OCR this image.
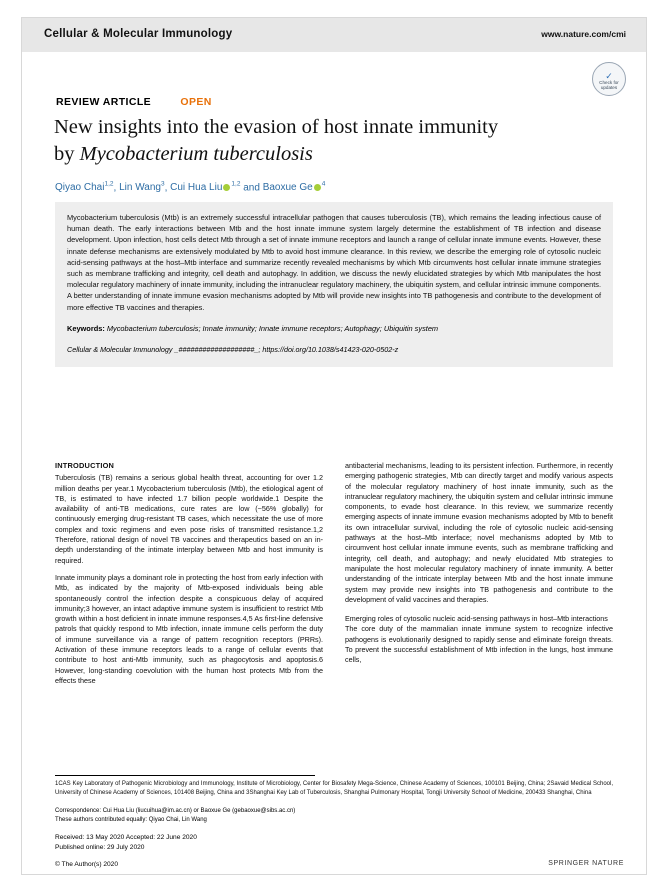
Cellular & Molecular Immunology	www.nature.com/cmi
✓
Check for updates
REVIEW ARTICLE	OPEN
New insights into the evasion of host innate immunity
by Mycobacterium tuberculosis
Qiyao Chai$^{1,2}$, Lin Wang$^3$, Cui Hua Liu $^{1,2}$ and Baoxue Ge $^4$
Mycobacterium tuberculosis (Mtb) is an extremely successful intracellular pathogen that causes tuberculosis (TB), which remains the leading infectious cause of human death. The early interactions between Mtb and the host innate immune system largely determine the establishment of TB infection and disease development. Upon infection, host cells detect Mtb through a set of innate immune receptors and launch a range of cellular innate immune events. However, these innate defense mechanisms are extensively modulated by Mtb to avoid host immune clearance. In this review, we describe the emerging role of cytosolic nucleic acid-sensing pathways at the host–Mtb interface and summarize recently revealed mechanisms by which Mtb circumvents host cellular innate immune strategies such as membrane trafficking and integrity, cell death and autophagy. In addition, we discuss the newly elucidated strategies by which Mtb manipulates the host molecular regulatory machinery of innate immunity, including the intranuclear regulatory machinery, the ubiquitin system, and cellular intrinsic immune components. A better understanding of innate immune evasion mechanisms adopted by Mtb will provide new insights into TB pathogenesis and contribute to the development of more effective TB vaccines and therapies.
Keywords: Mycobacterium tuberculosis; Innate immunity; Innate immune receptors; Autophagy; Ubiquitin system
Cellular & Molecular Immunology _###################_; https://doi.org/10.1038/s41423-020-0502-z
INTRODUCTION

Tuberculosis (TB) remains a serious global health threat, accounting for over 1.2 million deaths per year.1 Mycobacterium tuberculosis (Mtb), the etiological agent of TB, is estimated to have infected 1.7 billion people worldwide.1 Despite the availability of anti-TB medications, cure rates are low (~56% globally) for continuously emerging drug-resistant TB cases, which necessitate the use of more complex and toxic regimens and even pose risks of transmitted resistance.1,2 Therefore, rational design of novel TB vaccines and therapeutics based on an in-depth understanding of the intimate interplay between Mtb and host immunity is required.

Innate immunity plays a dominant role in protecting the host from early infection with Mtb, as indicated by the majority of Mtb-exposed individuals being able spontaneously control the infection despite a conspicuous delay of acquired immunity;3 however, an intact adaptive immune system is insufficient to restrict Mtb growth within a host deficient in innate immune responses.4,5 As first-line defensive patrols that quickly respond to Mtb infection, innate immune cells perform the duty of immune surveillance via a range of pattern recognition receptors (PRRs). Activation of these immune receptors leads to a range of cellular events that contribute to host anti-Mtb immunity, such as phagocytosis and apoptosis.6 However, long-standing coevolution with the human host protects Mtb from the effects these

antibacterial mechanisms, leading to its persistent infection. Furthermore, in recently emerging pathogenic strategies, Mtb can directly target and modify various aspects of the molecular regulatory machinery of host innate immunity, such as the intranuclear regulatory machinery, the ubiquitin system and cellular intrinsic immune components, to evade host clearance. In this review, we summarize recently emerging aspects of innate immune evasion mechanisms adopted by Mtb to benefit its own intracellular survival, including the role of cytosolic nucleic acid-sensing pathways at the host–Mtb interface; novel mechanisms adopted by Mtb to circumvent host cellular innate immune events, such as membrane trafficking and integrity, cell death, and autophagy; and newly elucidated Mtb strategies to manipulate the host molecular regulatory machinery of innate immunity. A better understanding of the intricate interplay between Mtb and the host innate immune system may provide new insights into TB pathogenesis and contribute to the development of valid vaccines and therapies.

Emerging roles of cytosolic nucleic acid-sensing pathways in host–Mtb interactions

The core duty of the mammalian innate immune system to recognize infective pathogens is evolutionarily designed to rapidly sense and eliminate foreign threats. To prevent the successful establishment of Mtb infection in the lungs, host immune cells,

1CAS Key Laboratory of Pathogenic Microbiology and Immunology, Institute of Microbiology, Center for Biosafety Mega-Science, Chinese Academy of Sciences, 100101 Beijing, China; 2Savaid Medical School, University of Chinese Academy of Sciences, 101408 Beijing, China and 3Shanghai Key Lab of Tuberculosis, Shanghai Pulmonary Hospital, Tongji University School of Medicine, 200433 Shanghai, China
Correspondence: Cui Hua Liu (liucuihua@im.ac.cn) or Baoxue Ge (gebaoxue@sibs.ac.cn)
These authors contributed equally: Qiyao Chai, Lin Wang
Received: 13 May 2020 Accepted: 22 June 2020
Published online: 29 July 2020
© The Author(s) 2020	SPRINGER NATURE
